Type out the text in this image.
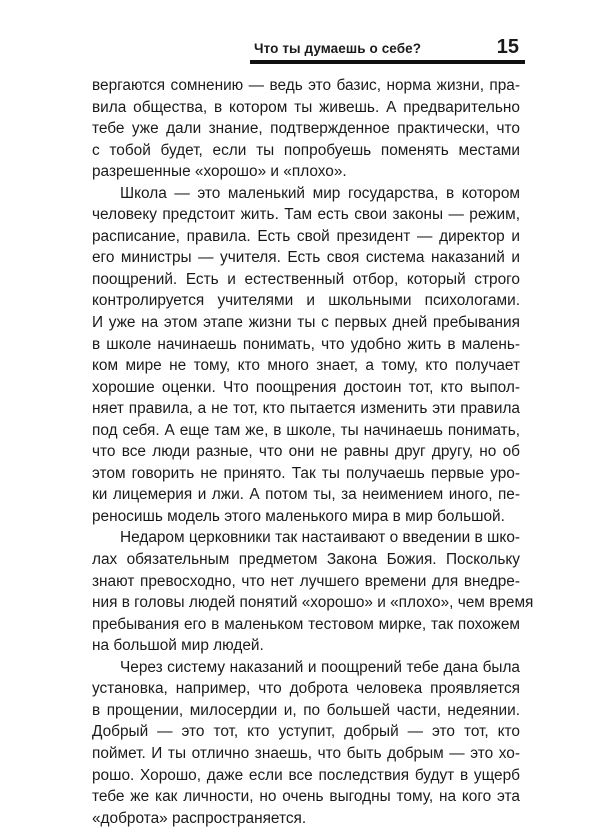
Что ты думаешь о себе?	15
вергаются сомнению — ведь это базис, норма жизни, пра-
вила общества, в котором ты живешь. А предварительно
тебе уже дали знание, подтвержденное практически, что
с тобой будет, если ты попробуешь поменять местами
разрешенные «хорошо» и «плохо».
Школа — это маленький мир государства, в котором
человеку предстоит жить. Там есть свои законы — режим,
расписание, правила. Есть свой президент — директор и
его министры — учителя. Есть своя система наказаний и
поощрений. Есть и естественный отбор, который строго
контролируется учителями и школьными психологами.
И уже на этом этапе жизни ты с первых дней пребывания
в школе начинаешь понимать, что удобно жить в малень-
ком мире не тому, кто много знает, а тому, кто получает
хорошие оценки. Что поощрения достоин тот, кто выпол-
няет правила, а не тот, кто пытается изменить эти правила
под себя. А еще там же, в школе, ты начинаешь понимать,
что все люди разные, что они не равны друг другу, но об
этом говорить не принято. Так ты получаешь первые уро-
ки лицемерия и лжи. А потом ты, за неимением иного, пе-
реносишь модель этого маленького мира в мир большой.
Недаром церковники так настаивают о введении в шко-
лах обязательным предметом Закона Божия. Поскольку
знают превосходно, что нет лучшего времени для внедре-
ния в головы людей понятий «хорошо» и «плохо», чем время
пребывания его в маленьком тестовом мирке, так похожем
на большой мир людей.
Через систему наказаний и поощрений тебе дана была
установка, например, что доброта человека проявляется
в прощении, милосердии и, по большей части, недеянии.
Добрый — это тот, кто уступит, добрый — это тот, кто
поймет. И ты отлично знаешь, что быть добрым — это хо-
рошо. Хорошо, даже если все последствия будут в ущерб
тебе же как личности, но очень выгодны тому, на кого эта
«доброта» распространяется.
